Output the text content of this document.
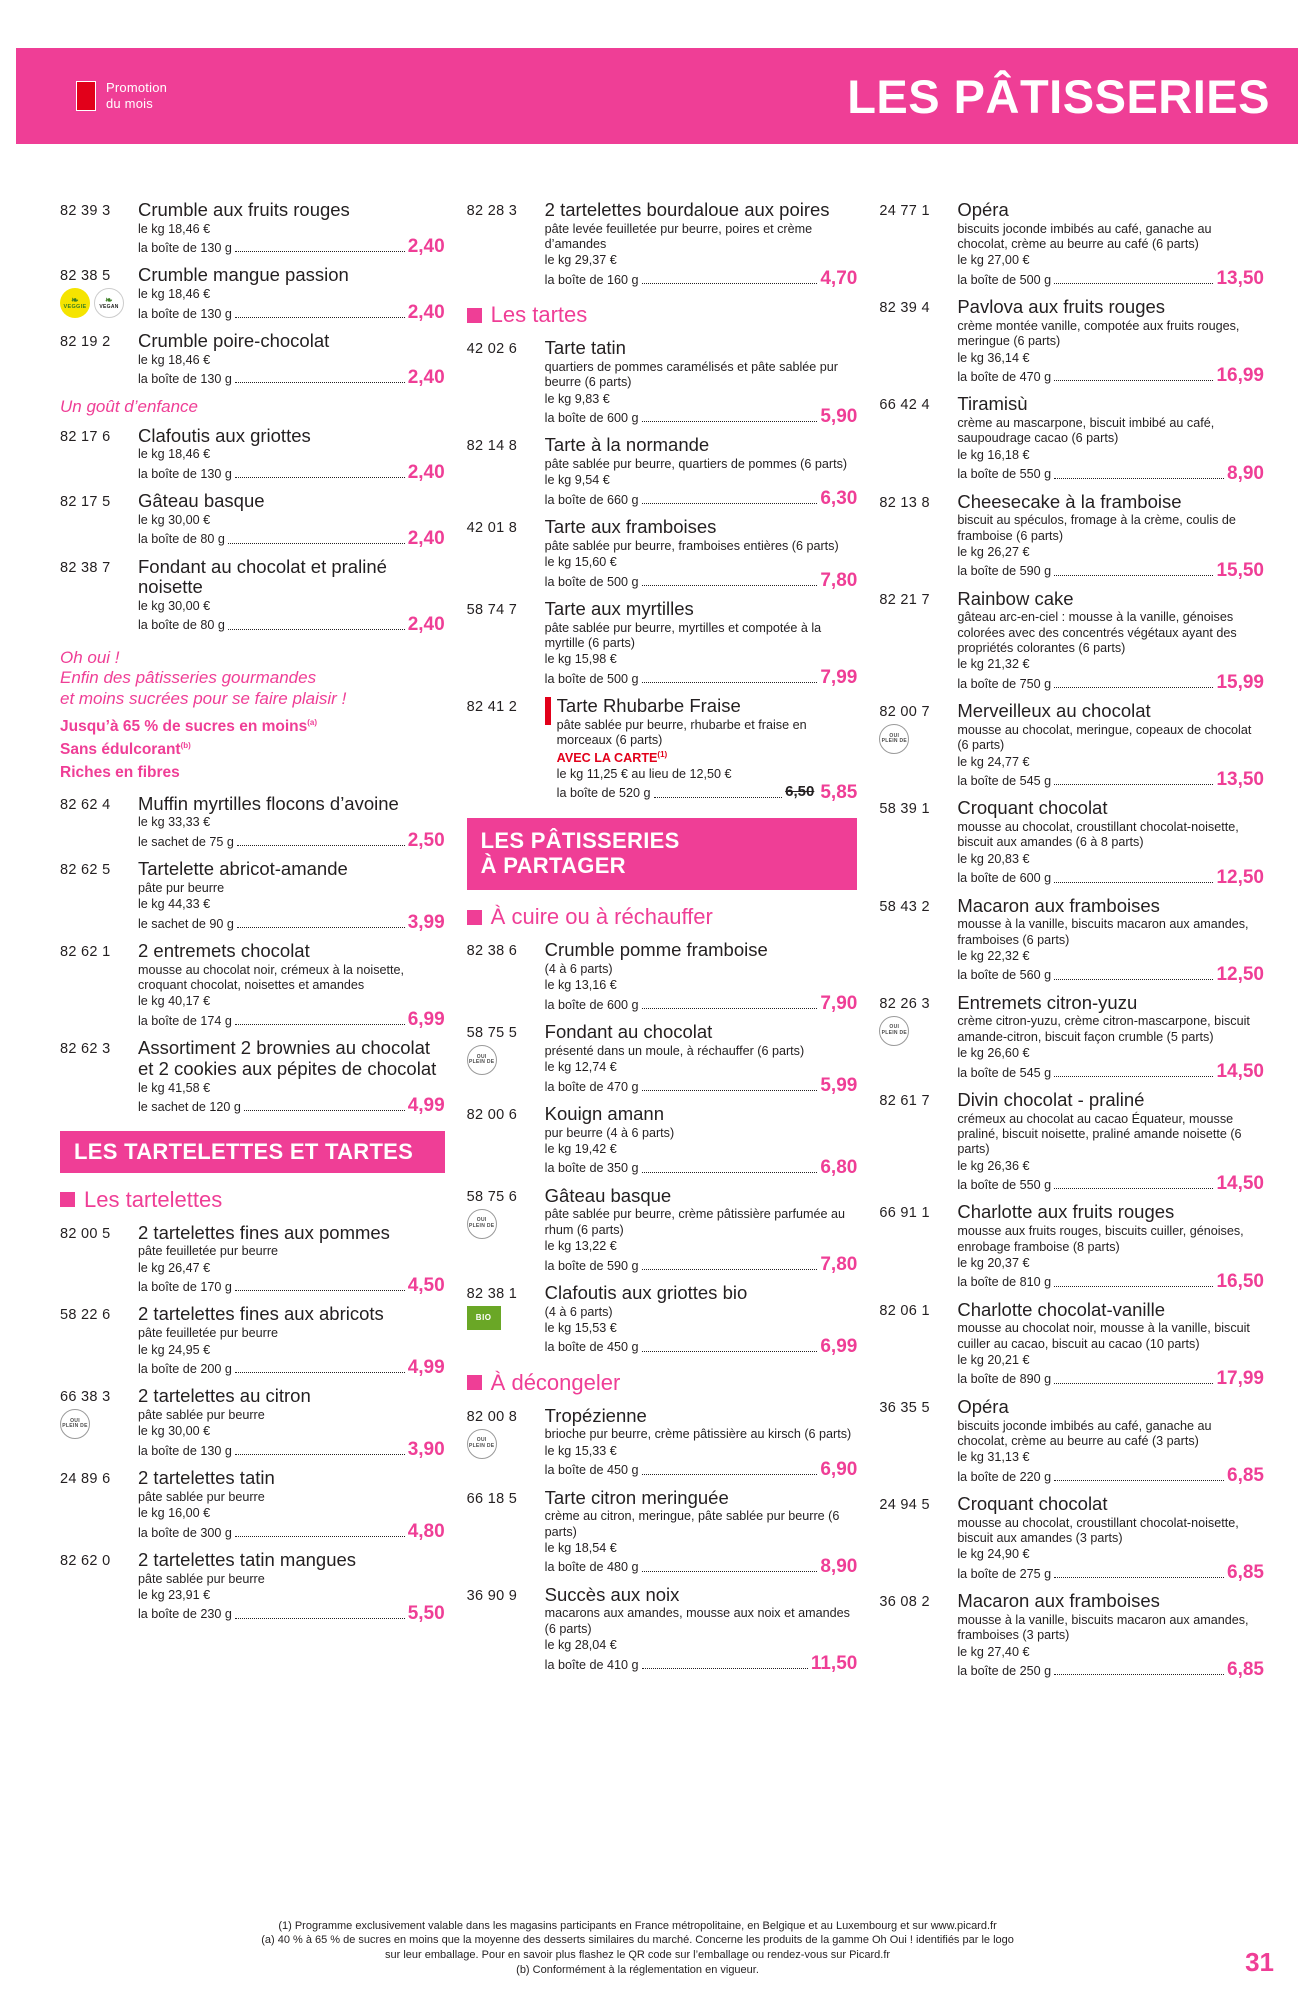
Promotion
du mois	LES PÂTISSERIES
82 39 3	Crumble aux fruits rouges
le kg 18,46 €
la boîte de 130 g	2,40
82 38 5
❧
VEGGIE
❧
VEGAN
Crumble mangue passion
le kg 18,46 €
la boîte de 130 g	2,40
82 19 2	Crumble poire-chocolat
le kg 18,46 €
la boîte de 130 g	2,40
Un goût d’enfance
82 17 6	Clafoutis aux griottes
le kg 18,46 €
la boîte de 130 g	2,40
82 17 5	Gâteau basque
le kg 30,00 €
la boîte de 80 g	2,40
82 38 7	Fondant au chocolat et praliné noisette
le kg 30,00 €
la boîte de 80 g	2,40
Oh oui !
Enfin des pâtisseries gourmandes
et moins sucrées pour se faire plaisir !
Jusqu’à 65 % de sucres en moins$^{(a)}$
Sans édulcorant$^{(b)}$
Riches en fibres
82 62 4	Muffin myrtilles flocons d’avoine
le kg 33,33 €
le sachet de 75 g	2,50
82 62 5	Tartelette abricot-amande
pâte pur beurre
le kg 44,33 €
le sachet de 90 g	3,99
82 62 1	2 entremets chocolat
mousse au chocolat noir, crémeux à la noisette, croquant chocolat, noisettes et amandes
le kg 40,17 €
la boîte de 174 g	6,99
82 62 3	Assortiment 2 brownies au chocolat et 2 cookies aux pépites de chocolat
le kg 41,58 €
le sachet de 120 g	4,99
LES TARTELETTES ET TARTES
Les tartelettes
82 00 5	2 tartelettes fines aux pommes
pâte feuilletée pur beurre
le kg 26,47 €
la boîte de 170 g	4,50
58 22 6	2 tartelettes fines aux abricots
pâte feuilletée pur beurre
le kg 24,95 €
la boîte de 200 g	4,99
66 38 3
OUI
PLEIN DE
2 tartelettes au citron
pâte sablée pur beurre
le kg 30,00 €
la boîte de 130 g	3,90
24 89 6	2 tartelettes tatin
pâte sablée pur beurre
le kg 16,00 €
la boîte de 300 g	4,80
82 62 0	2 tartelettes tatin mangues
pâte sablée pur beurre
le kg 23,91 €
la boîte de 230 g	5,50
82 28 3	2 tartelettes bourdaloue aux poires
pâte levée feuilletée pur beurre, poires et crème d’amandes
le kg 29,37 €
la boîte de 160 g	4,70
Les tartes
42 02 6	Tarte tatin
quartiers de pommes caramélisés et pâte sablée pur beurre (6 parts)
le kg 9,83 €
la boîte de 600 g	5,90
82 14 8	Tarte à la normande
pâte sablée pur beurre, quartiers de pommes (6 parts)
le kg 9,54 €
la boîte de 660 g	6,30
42 01 8	Tarte aux framboises
pâte sablée pur beurre, framboises entières (6 parts)
le kg 15,60 €
la boîte de 500 g	7,80
58 74 7	Tarte aux myrtilles
pâte sablée pur beurre, myrtilles et compotée à la myrtille (6 parts)
le kg 15,98 €
la boîte de 500 g	7,99
82 41 2	Tarte Rhubarbe Fraise
pâte sablée pur beurre, rhubarbe et fraise en morceaux (6 parts)
AVEC LA CARTE$^{(1)}$
le kg 11,25 € au lieu de 12,50 €
la boîte de 520 g	6,50 5,85
LES PÂTISSERIES
À PARTAGER
À cuire ou à réchauffer
82 38 6	Crumble pomme framboise
(4 à 6 parts)
le kg 13,16 €
la boîte de 600 g	7,90
58 75 5
OUI
PLEIN DE
Fondant au chocolat
présenté dans un moule, à réchauffer (6 parts)
le kg 12,74 €
la boîte de 470 g	5,99
82 00 6	Kouign amann
pur beurre (4 à 6 parts)
le kg 19,42 €
la boîte de 350 g	6,80
58 75 6
OUI
PLEIN DE
Gâteau basque
pâte sablée pur beurre, crème pâtissière parfumée au rhum (6 parts)
le kg 13,22 €
la boîte de 590 g	7,80
82 38 1
BIO
Clafoutis aux griottes bio
(4 à 6 parts)
le kg 15,53 €
la boîte de 450 g	6,99
À décongeler
82 00 8
OUI
PLEIN DE
Tropézienne
brioche pur beurre, crème pâtissière au kirsch (6 parts)
le kg 15,33 €
la boîte de 450 g	6,90
66 18 5	Tarte citron meringuée
crème au citron, meringue, pâte sablée pur beurre (6 parts)
le kg 18,54 €
la boîte de 480 g	8,90
36 90 9	Succès aux noix
macarons aux amandes, mousse aux noix et amandes (6 parts)
le kg 28,04 €
la boîte de 410 g	11,50
24 77 1	Opéra
biscuits joconde imbibés au café, ganache au chocolat, crème au beurre au café (6 parts)
le kg 27,00 €
la boîte de 500 g	13,50
82 39 4	Pavlova aux fruits rouges
crème montée vanille, compotée aux fruits rouges, meringue (6 parts)
le kg 36,14 €
la boîte de 470 g	16,99
66 42 4	Tiramisù
crème au mascarpone, biscuit imbibé au café, saupoudrage cacao (6 parts)
le kg 16,18 €
la boîte de 550 g	8,90
82 13 8	Cheesecake à la framboise
biscuit au spéculos, fromage à la crème, coulis de framboise (6 parts)
le kg 26,27 €
la boîte de 590 g	15,50
82 21 7	Rainbow cake
gâteau arc-en-ciel : mousse à la vanille, génoises colorées avec des concentrés végétaux ayant des propriétés colorantes (6 parts)
le kg 21,32 €
la boîte de 750 g	15,99
82 00 7
OUI
PLEIN DE
Merveilleux au chocolat
mousse au chocolat, meringue, copeaux de chocolat (6 parts)
le kg 24,77 €
la boîte de 545 g	13,50
58 39 1	Croquant chocolat
mousse au chocolat, croustillant chocolat-noisette, biscuit aux amandes (6 à 8 parts)
le kg 20,83 €
la boîte de 600 g	12,50
58 43 2	Macaron aux framboises
mousse à la vanille, biscuits macaron aux amandes, framboises (6 parts)
le kg 22,32 €
la boîte de 560 g	12,50
82 26 3
OUI
PLEIN DE
Entremets citron-yuzu
crème citron-yuzu, crème citron-mascarpone, biscuit amande-citron, biscuit façon crumble (5 parts)
le kg 26,60 €
la boîte de 545 g	14,50
82 61 7	Divin chocolat - praliné
crémeux au chocolat au cacao Équateur, mousse praliné, biscuit noisette, praliné amande noisette (6 parts)
le kg 26,36 €
la boîte de 550 g	14,50
66 91 1	Charlotte aux fruits rouges
mousse aux fruits rouges, biscuits cuiller, génoises, enrobage framboise (8 parts)
le kg 20,37 €
la boîte de 810 g	16,50
82 06 1	Charlotte chocolat-vanille
mousse au chocolat noir, mousse à la vanille, biscuit cuiller au cacao, biscuit au cacao (10 parts)
le kg 20,21 €
la boîte de 890 g	17,99
36 35 5	Opéra
biscuits joconde imbibés au café, ganache au chocolat, crème au beurre au café (3 parts)
le kg 31,13 €
la boîte de 220 g	6,85
24 94 5	Croquant chocolat
mousse au chocolat, croustillant chocolat-noisette, biscuit aux amandes (3 parts)
le kg 24,90 €
la boîte de 275 g	6,85
36 08 2	Macaron aux framboises
mousse à la vanille, biscuits macaron aux amandes, framboises (3 parts)
le kg 27,40 €
la boîte de 250 g	6,85
(1) Programme exclusivement valable dans les magasins participants en France métropolitaine, en Belgique et au Luxembourg et sur www.picard.fr
(a) 40 % à 65 % de sucres en moins que la moyenne des desserts similaires du marché. Concerne les produits de la gamme Oh Oui ! identifiés par le logo
sur leur emballage. Pour en savoir plus flashez le QR code sur l’emballage ou rendez-vous sur Picard.fr
(b) Conformément à la réglementation en vigueur.	31
